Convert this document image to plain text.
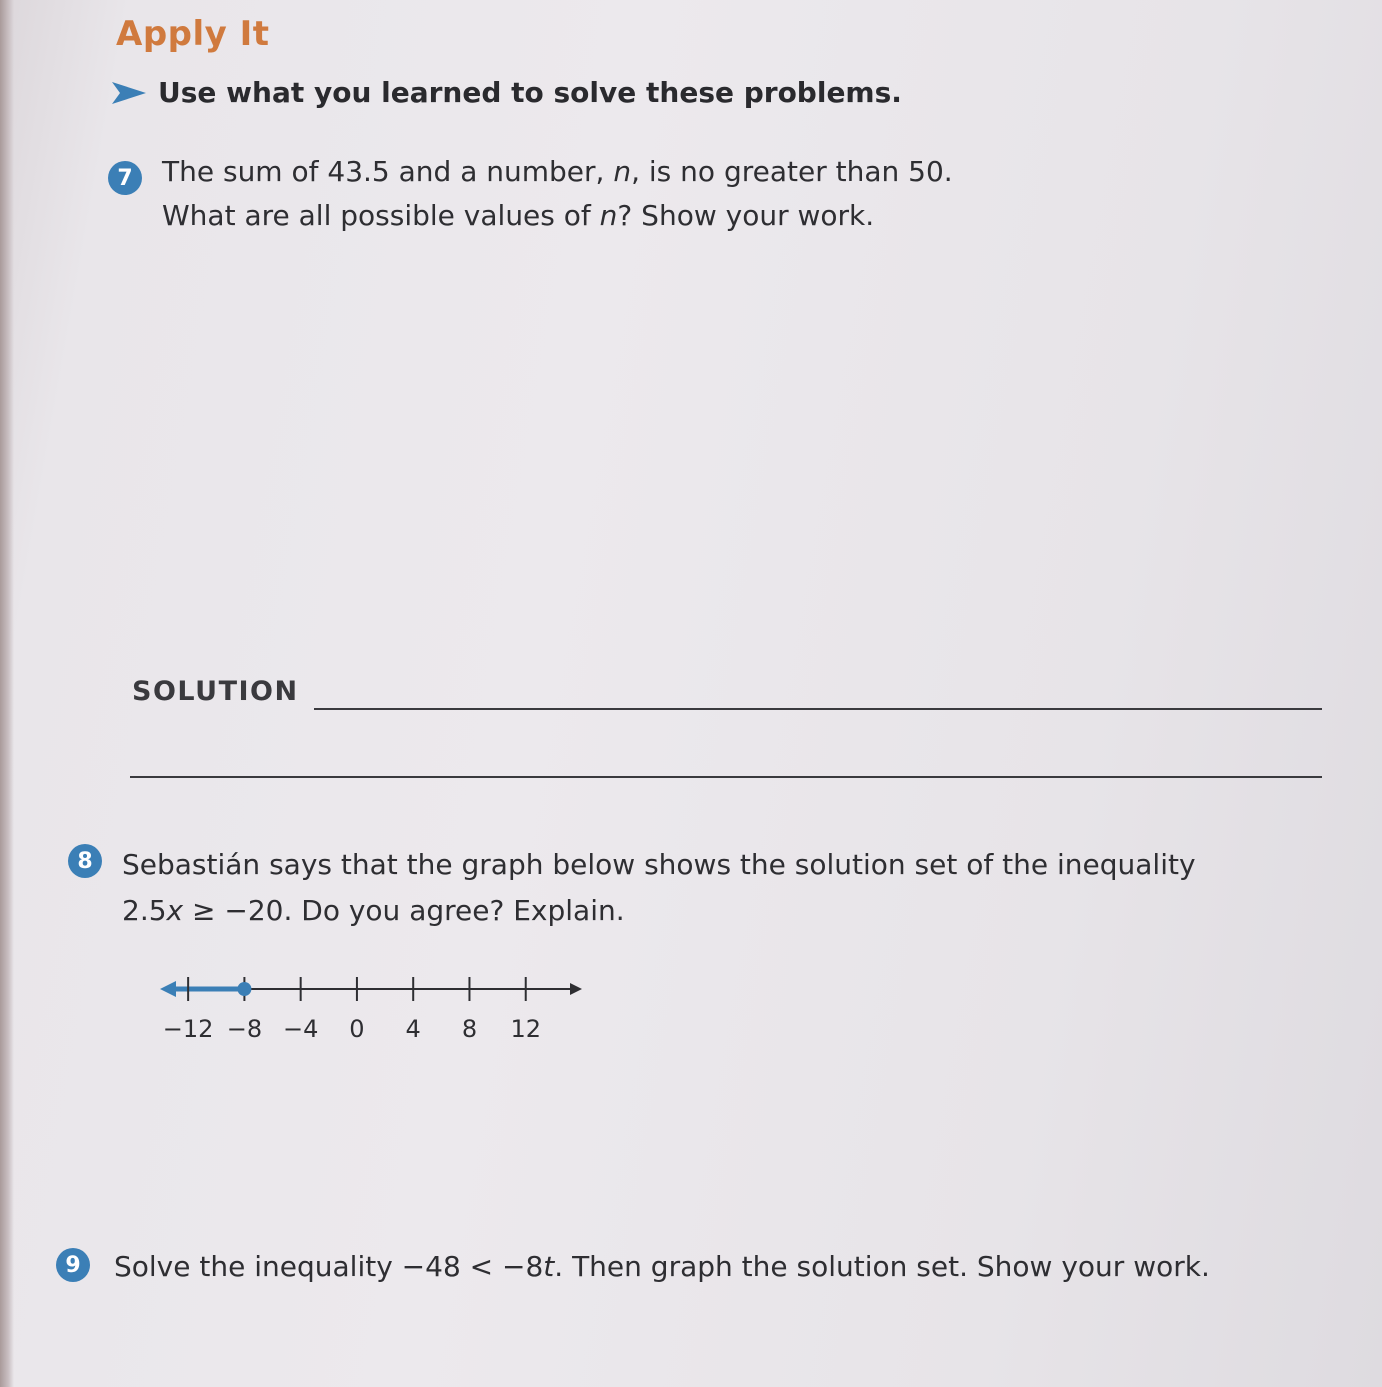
Apply It
Use what you learned to solve these problems.
7	The sum of 43.5 and a number, n, is no greater than 50.
What are all possible values of n? Show your work.
SOLUTION
8	Sebastián says that the graph below shows the solution set of the inequality
2.5x ≥ −20. Do you agree? Explain.
−12 −8 −4 0 4 8 12
9	Solve the inequality −48 < −8t. Then graph the solution set. Show your work.
